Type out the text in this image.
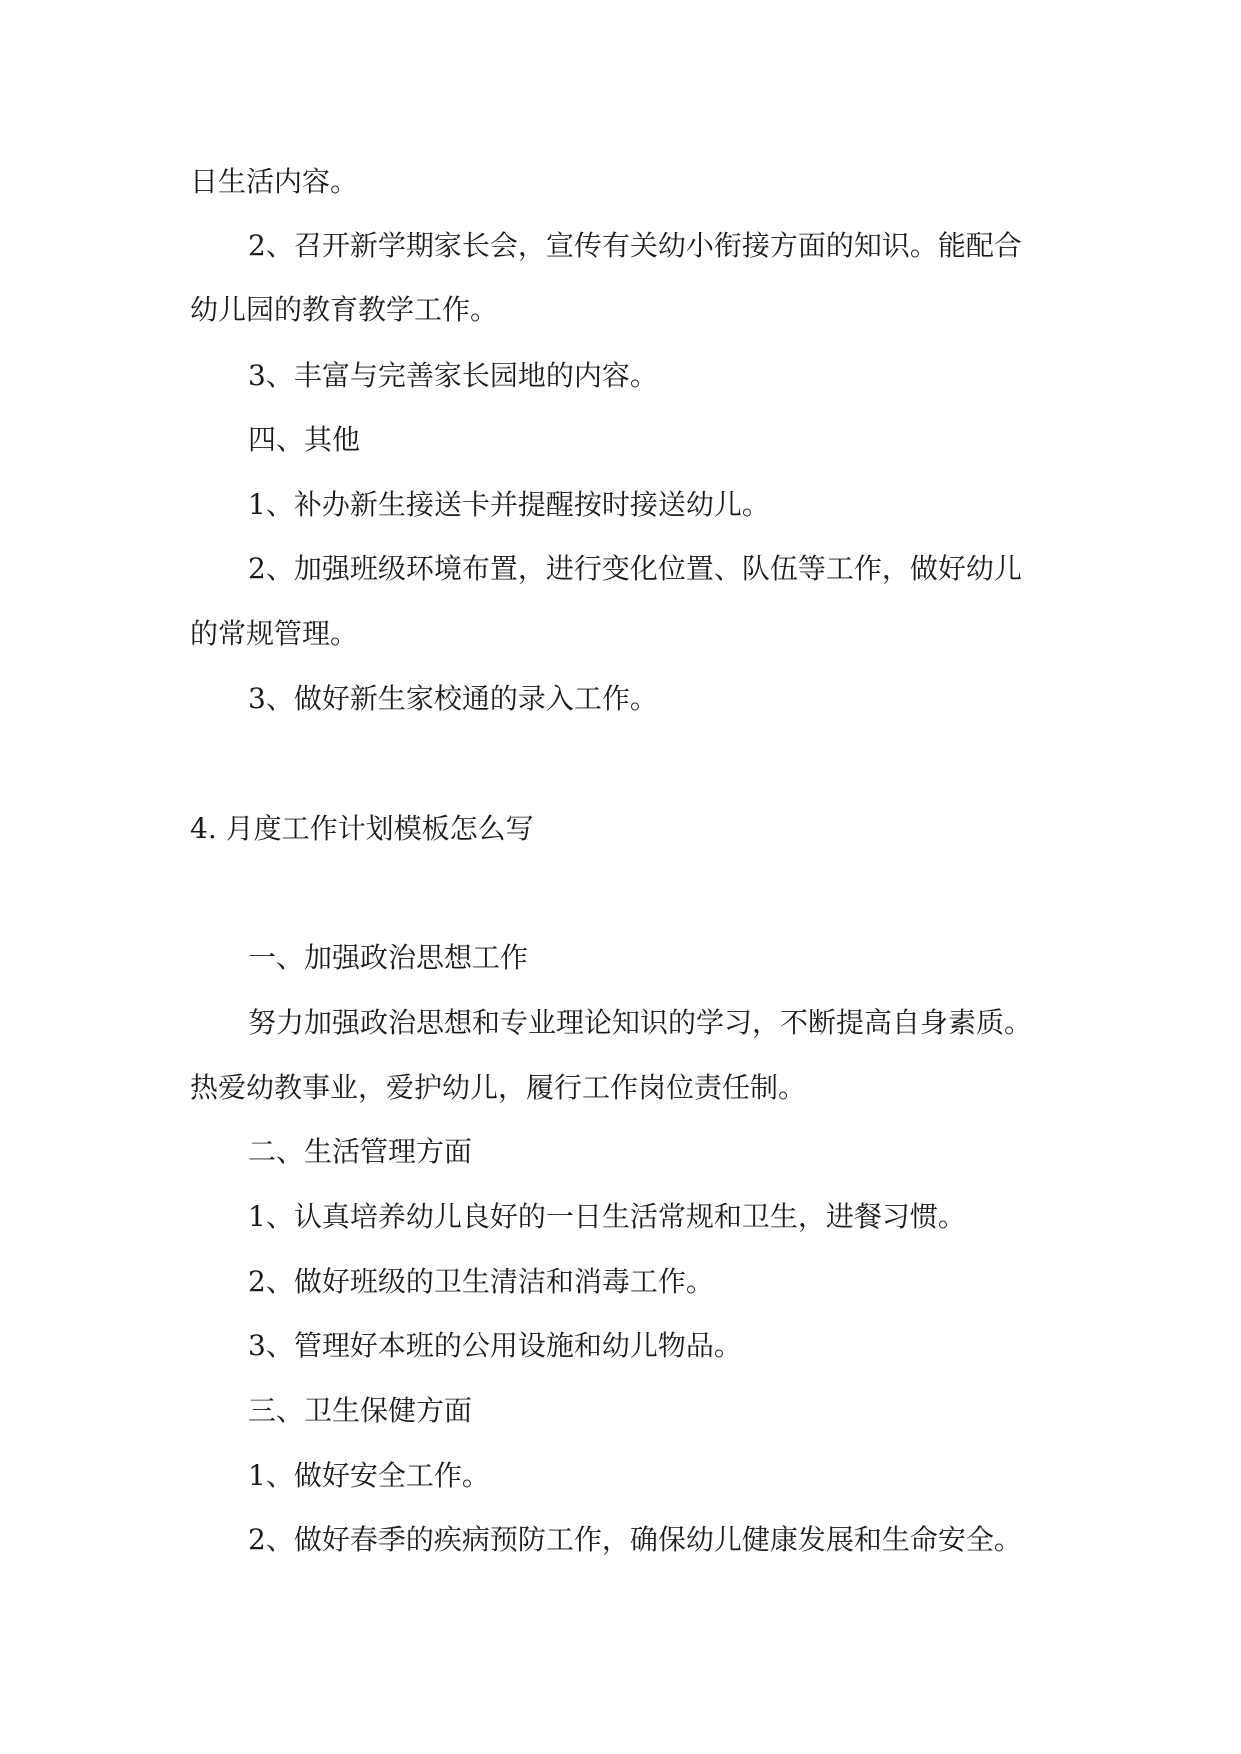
日生活内容。
2、召开新学期家长会，宣传有关幼小衔接方面的知识。能配合
幼儿园的教育教学工作。
3、丰富与完善家长园地的内容。
四、其他
1、补办新生接送卡并提醒按时接送幼儿。
2、加强班级环境布置，进行变化位置、队伍等工作，做好幼儿
的常规管理。
3、做好新生家校通的录入工作。
4. 月度工作计划模板怎么写
一、加强政治思想工作
努力加强政治思想和专业理论知识的学习，不断提高自身素质。
热爱幼教事业，爱护幼儿，履行工作岗位责任制。
二、生活管理方面
1、认真培养幼儿良好的一日生活常规和卫生，进餐习惯。
2、做好班级的卫生清洁和消毒工作。
3、管理好本班的公用设施和幼儿物品。
三、卫生保健方面
1、做好安全工作。
2、做好春季的疾病预防工作，确保幼儿健康发展和生命安全。
